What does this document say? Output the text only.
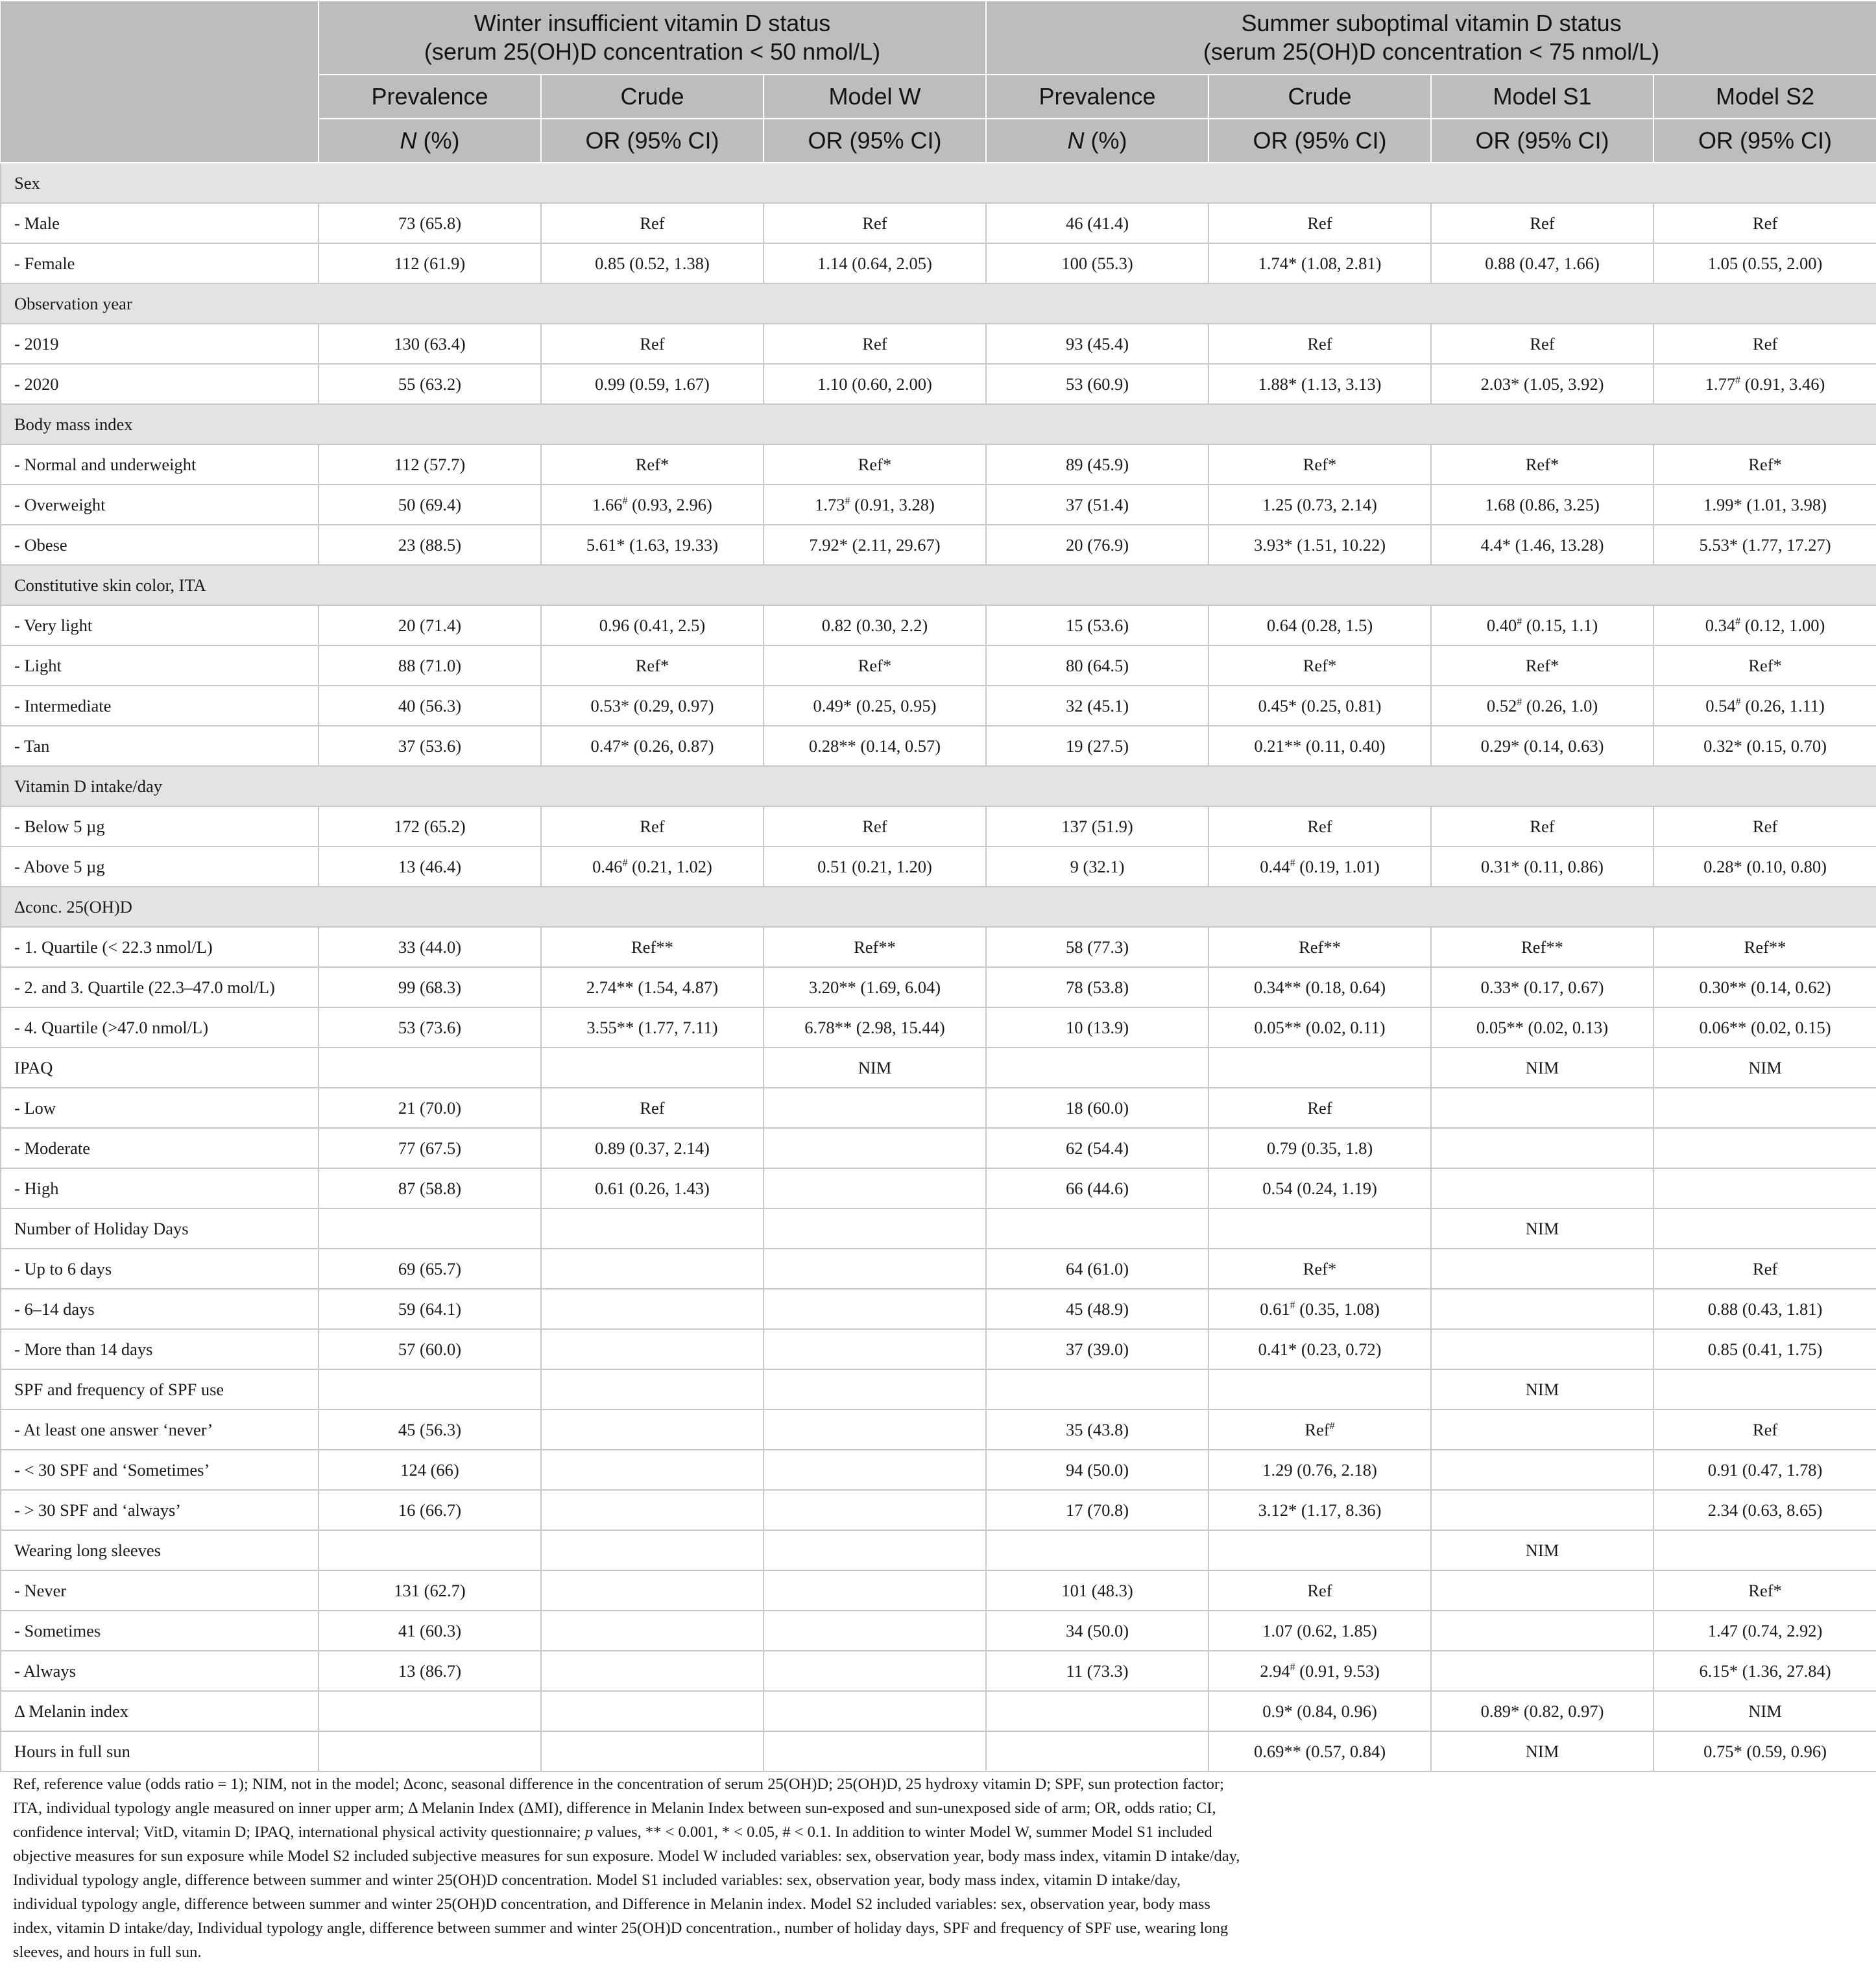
	Winter insufficient vitamin D status
(serum 25(OH)D concentration < 50 nmol/L)			Summer suboptimal vitamin D status
(serum 25(OH)D concentration < 75 nmol/L)			
	Prevalence	Crude	Model W	Prevalence	Crude	Model S1	Model S2
	N (%)	OR (95% CI)	OR (95% CI)	N (%)	OR (95% CI)	OR (95% CI)	OR (95% CI)
Sex							
- Male	73 (65.8)	Ref	Ref	46 (41.4)	Ref	Ref	Ref
- Female	112 (61.9)	0.85 (0.52, 1.38)	1.14 (0.64, 2.05)	100 (55.3)	1.74* (1.08, 2.81)	0.88 (0.47, 1.66)	1.05 (0.55, 2.00)
Observation year							
- 2019	130 (63.4)	Ref	Ref	93 (45.4)	Ref	Ref	Ref
- 2020	55 (63.2)	0.99 (0.59, 1.67)	1.10 (0.60, 2.00)	53 (60.9)	1.88* (1.13, 3.13)	2.03* (1.05, 3.92)	1.77# (0.91, 3.46)
Body mass index							
- Normal and underweight	112 (57.7)	Ref*	Ref*	89 (45.9)	Ref*	Ref*	Ref*
- Overweight	50 (69.4)	1.66# (0.93, 2.96)	1.73# (0.91, 3.28)	37 (51.4)	1.25 (0.73, 2.14)	1.68 (0.86, 3.25)	1.99* (1.01, 3.98)
- Obese	23 (88.5)	5.61* (1.63, 19.33)	7.92* (2.11, 29.67)	20 (76.9)	3.93* (1.51, 10.22)	4.4* (1.46, 13.28)	5.53* (1.77, 17.27)
Constitutive skin color, ITA							
- Very light	20 (71.4)	0.96 (0.41, 2.5)	0.82 (0.30, 2.2)	15 (53.6)	0.64 (0.28, 1.5)	0.40# (0.15, 1.1)	0.34# (0.12, 1.00)
- Light	88 (71.0)	Ref*	Ref*	80 (64.5)	Ref*	Ref*	Ref*
- Intermediate	40 (56.3)	0.53* (0.29, 0.97)	0.49* (0.25, 0.95)	32 (45.1)	0.45* (0.25, 0.81)	0.52# (0.26, 1.0)	0.54# (0.26, 1.11)
- Tan	37 (53.6)	0.47* (0.26, 0.87)	0.28** (0.14, 0.57)	19 (27.5)	0.21** (0.11, 0.40)	0.29* (0.14, 0.63)	0.32* (0.15, 0.70)
Vitamin D intake/day							
- Below 5 µg	172 (65.2)	Ref	Ref	137 (51.9)	Ref	Ref	Ref
- Above 5 µg	13 (46.4)	0.46# (0.21, 1.02)	0.51 (0.21, 1.20)	9 (32.1)	0.44# (0.19, 1.01)	0.31* (0.11, 0.86)	0.28* (0.10, 0.80)
Δconc. 25(OH)D							
- 1. Quartile (< 22.3 nmol/L)	33 (44.0)	Ref**	Ref**	58 (77.3)	Ref**	Ref**	Ref**
- 2. and 3. Quartile (22.3–47.0 mol/L)	99 (68.3)	2.74** (1.54, 4.87)	3.20** (1.69, 6.04)	78 (53.8)	0.34** (0.18, 0.64)	0.33* (0.17, 0.67)	0.30** (0.14, 0.62)
- 4. Quartile (>47.0 nmol/L)	53 (73.6)	3.55** (1.77, 7.11)	6.78** (2.98, 15.44)	10 (13.9)	0.05** (0.02, 0.11)	0.05** (0.02, 0.13)	0.06** (0.02, 0.15)
IPAQ			NIM			NIM	NIM
- Low	21 (70.0)	Ref		18 (60.0)	Ref		
- Moderate	77 (67.5)	0.89 (0.37, 2.14)		62 (54.4)	0.79 (0.35, 1.8)		
- High	87 (58.8)	0.61 (0.26, 1.43)		66 (44.6)	0.54 (0.24, 1.19)		
Number of Holiday Days						NIM	
- Up to 6 days	69 (65.7)			64 (61.0)	Ref*		Ref
- 6–14 days	59 (64.1)			45 (48.9)	0.61# (0.35, 1.08)		0.88 (0.43, 1.81)
- More than 14 days	57 (60.0)			37 (39.0)	0.41* (0.23, 0.72)		0.85 (0.41, 1.75)
SPF and frequency of SPF use						NIM	
- At least one answer ‘never’	45 (56.3)			35 (43.8)	Ref#		Ref
- < 30 SPF and ‘Sometimes’	124 (66)			94 (50.0)	1.29 (0.76, 2.18)		0.91 (0.47, 1.78)
- > 30 SPF and ‘always’	16 (66.7)			17 (70.8)	3.12* (1.17, 8.36)		2.34 (0.63, 8.65)
Wearing long sleeves						NIM	
- Never	131 (62.7)			101 (48.3)	Ref		Ref*
- Sometimes	41 (60.3)			34 (50.0)	1.07 (0.62, 1.85)		1.47 (0.74, 2.92)
- Always	13 (86.7)			11 (73.3)	2.94# (0.91, 9.53)		6.15* (1.36, 27.84)
Δ Melanin index					0.9* (0.84, 0.96)	0.89* (0.82, 0.97)	NIM
Hours in full sun					0.69** (0.57, 0.84)	NIM	0.75* (0.59, 0.96)

Ref, reference value (odds ratio = 1); NIM, not in the model; Δconc, seasonal difference in the concentration of serum 25(OH)D; 25(OH)D, 25 hydroxy vitamin D; SPF, sun protection factor;

ITA, individual typology angle measured on inner upper arm; Δ Melanin Index (ΔMI), difference in Melanin Index between sun-exposed and sun-unexposed side of arm; OR, odds ratio; CI,

confidence interval; VitD, vitamin D; IPAQ, international physical activity questionnaire; p values, ** < 0.001, * < 0.05, # < 0.1. In addition to winter Model W, summer Model S1 included

objective measures for sun exposure while Model S2 included subjective measures for sun exposure. Model W included variables: sex, observation year, body mass index, vitamin D intake/day,

Individual typology angle, difference between summer and winter 25(OH)D concentration. Model S1 included variables: sex, observation year, body mass index, vitamin D intake/day,

individual typology angle, difference between summer and winter 25(OH)D concentration, and Difference in Melanin index. Model S2 included variables: sex, observation year, body mass

index, vitamin D intake/day, Individual typology angle, difference between summer and winter 25(OH)D concentration., number of holiday days, SPF and frequency of SPF use, wearing long

sleeves, and hours in full sun.
